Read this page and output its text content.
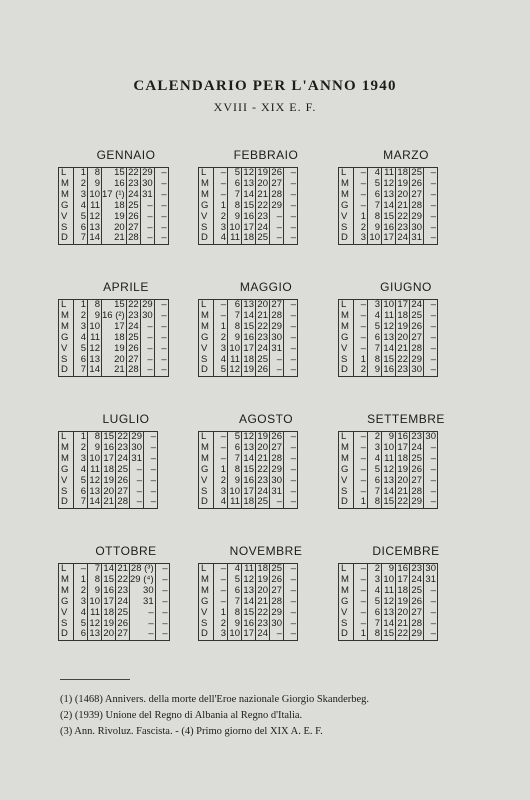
CALENDARIO PER L'ANNO 1940
XVIII - XIX E. F.
GENNAIO
L	1	8	15	22	29	–
M	2	9	16	23	30	–
M	3	10	17 (¹)	24	31	–
G	4	11	18	25	–	–
V	5	12	19	26	–	–
S	6	13	20	27	–	–
D	7	14	21	28	–	–
FEBBRAIO
L	–	5	12	19	26	–
M	–	6	13	20	27	–
M	–	7	14	21	28	–
G	1	8	15	22	29	–
V	2	9	16	23	–	–
S	3	10	17	24	–	–
D	4	11	18	25	–	–
MARZO
L	–	4	11	18	25	–
M	–	5	12	19	26	–
M	–	6	13	20	27	–
G	–	7	14	21	28	–
V	1	8	15	22	29	–
S	2	9	16	23	30	–
D	3	10	17	24	31	–
APRILE
L	1	8	15	22	29	–
M	2	9	16 (²)	23	30	–
M	3	10	17	24	–	–
G	4	11	18	25	–	–
V	5	12	19	26	–	–
S	6	13	20	27	–	–
D	7	14	21	28	–	–
MAGGIO
L	–	6	13	20	27	–
M	–	7	14	21	28	–
M	1	8	15	22	29	–
G	2	9	16	23	30	–
V	3	10	17	24	31	–
S	4	11	18	25	–	–
D	5	12	19	26	–	–
GIUGNO
L	–	3	10	17	24	–
M	–	4	11	18	25	–
M	–	5	12	19	26	–
G	–	6	13	20	27	–
V	–	7	14	21	28	–
S	1	8	15	22	29	–
D	2	9	16	23	30	–
LUGLIO
L	1	8	15	22	29	–
M	2	9	16	23	30	–
M	3	10	17	24	31	–
G	4	11	18	25	–	–
V	5	12	19	26	–	–
S	6	13	20	27	–	–
D	7	14	21	28	–	–
AGOSTO
L	–	5	12	19	26	–
M	–	6	13	20	27	–
M	–	7	14	21	28	–
G	1	8	15	22	29	–
V	2	9	16	23	30	–
S	3	10	17	24	31	–
D	4	11	18	25	–	–
SETTEMBRE
L	–	2	9	16	23	30
M	–	3	10	17	24	–
M	–	4	11	18	25	–
G	–	5	12	19	26	–
V	–	6	13	20	27	–
S	–	7	14	21	28	–
D	1	8	15	22	29	–
OTTOBRE
L	–	7	14	21	28 (³)	–
M	1	8	15	22	29 (⁴)	–
M	2	9	16	23	30	–
G	3	10	17	24	31	–
V	4	11	18	25	–	–
S	5	12	19	26	–	–
D	6	13	20	27	–	–
NOVEMBRE
L	–	4	11	18	25	–
M	–	5	12	19	26	–
M	–	6	13	20	27	–
G	–	7	14	21	28	–
V	1	8	15	22	29	–
S	2	9	16	23	30	–
D	3	10	17	24	–	–
DICEMBRE
L	–	2	9	16	23	30
M	–	3	10	17	24	31
M	–	4	11	18	25	–
G	–	5	12	19	26	–
V	–	6	13	20	27	–
S	–	7	14	21	28	–
D	1	8	15	22	29	–
(1) (1468) Annivers. della morte dell'Eroe nazionale Giorgio Skanderbeg.
(2) (1939) Unione del Regno di Albania al Regno d'Italia.
(3) Ann. Rivoluz. Fascista. - (4) Primo giorno del XIX A. E. F.
